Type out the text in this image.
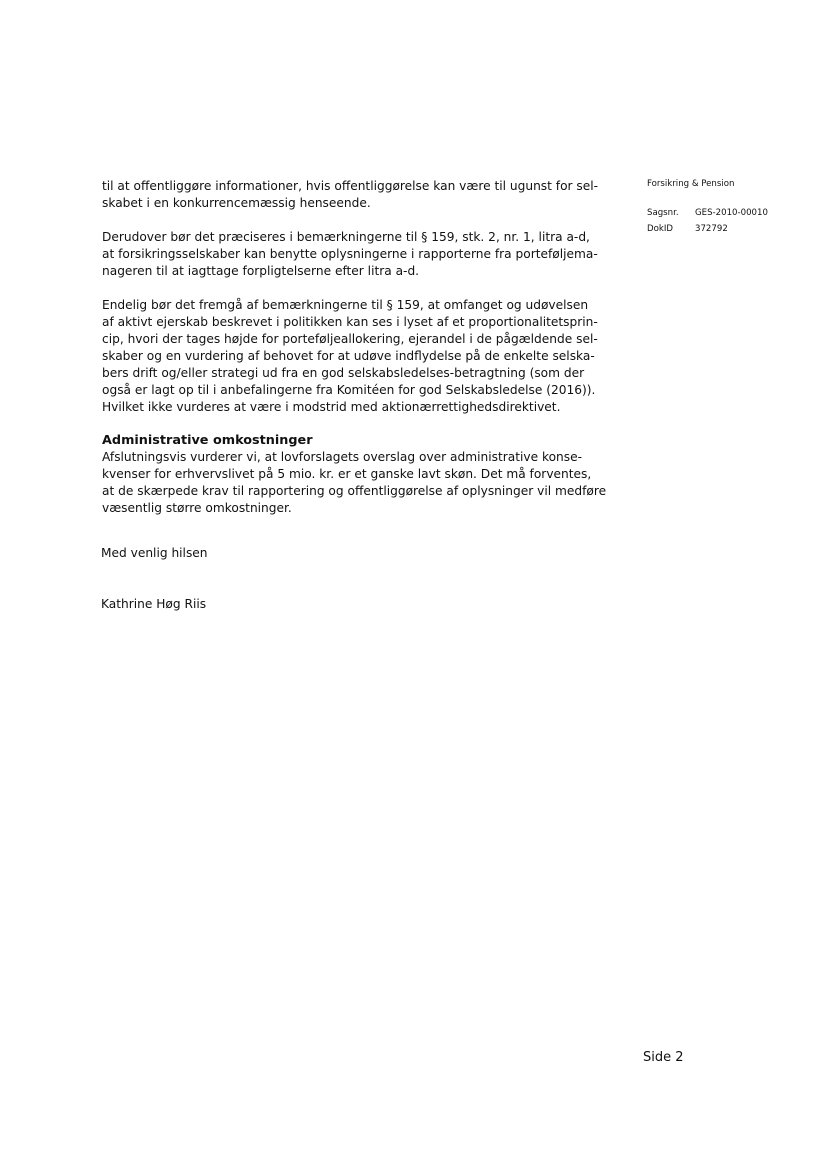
til at offentliggøre informationer, hvis offentliggørelse kan være til ugunst for sel-
skabet i en konkurrencemæssig henseende.
Derudover bør det præciseres i bemærkningerne til § 159, stk. 2, nr. 1, litra a-d,
at forsikringsselskaber kan benytte oplysningerne i rapporterne fra porteføljema-
nageren til at iagttage forpligtelserne efter litra a-d.
Endelig bør det fremgå af bemærkningerne til § 159, at omfanget og udøvelsen
af aktivt ejerskab beskrevet i politikken kan ses i lyset af et proportionalitetsprin-
cip, hvori der tages højde for porteføljeallokering, ejerandel i de pågældende sel-
skaber og en vurdering af behovet for at udøve indflydelse på de enkelte selska-
bers drift og/eller strategi ud fra en god selskabsledelses-betragtning (som der
også er lagt op til i anbefalingerne fra Komitéen for god Selskabsledelse (2016)).
Hvilket ikke vurderes at være i modstrid med aktionærrettighedsdirektivet.
Administrative omkostninger
Afslutningsvis vurderer vi, at lovforslagets overslag over administrative konse-
kvenser for erhvervslivet på 5 mio. kr. er et ganske lavt skøn. Det må forventes,
at de skærpede krav til rapportering og offentliggørelse af oplysninger vil medføre
væsentlig større omkostninger.
Med venlig hilsen
Kathrine Høg Riis
Forsikring & Pension
Sagsnr.	GES-2010-00010
DokID	372792
Side 2
